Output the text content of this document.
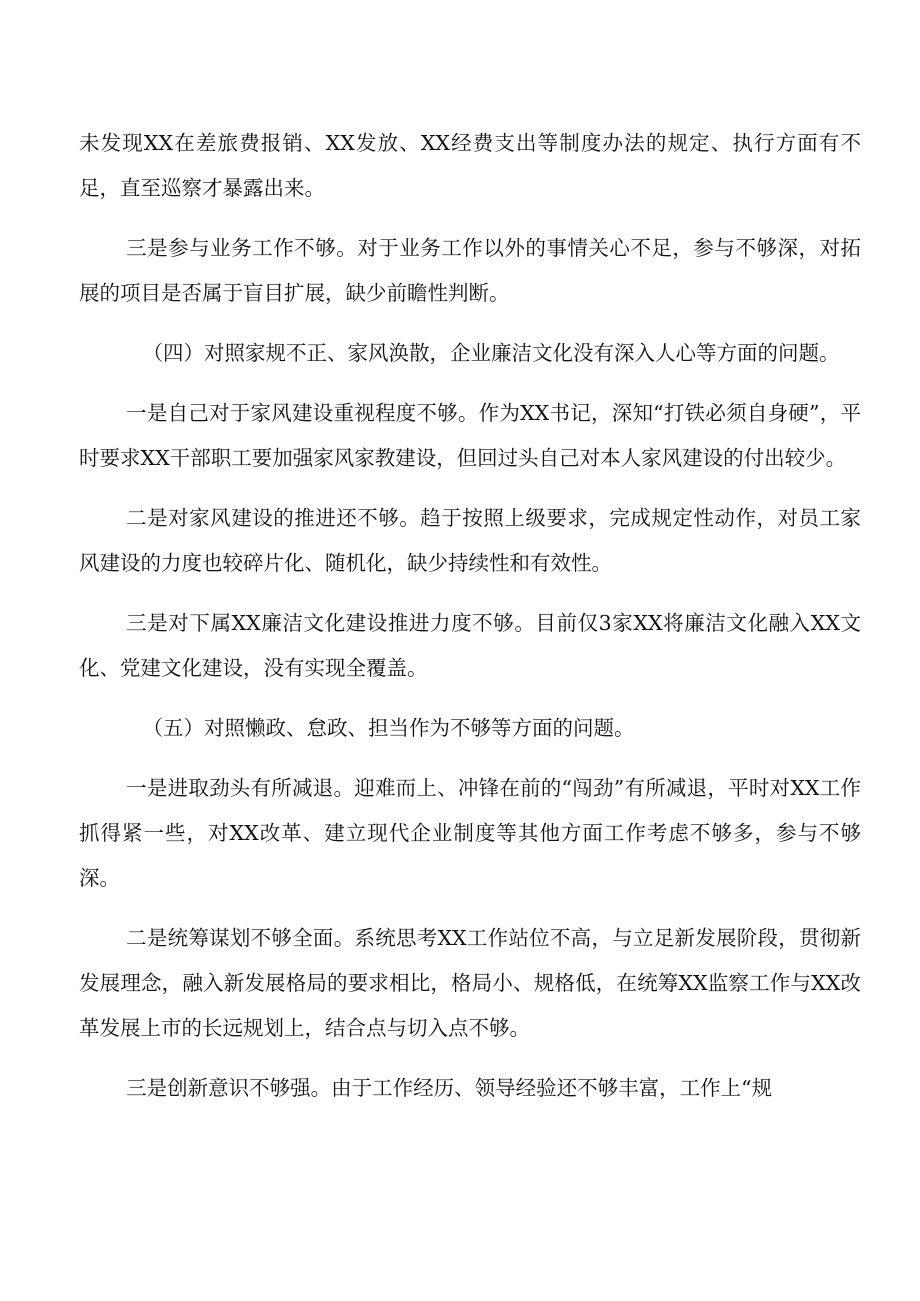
未发现XX在差旅费报销、XX发放、XX经费支出等制度办法的规定、执行方面有不足，直至巡察才暴露出来。

三是参与业务工作不够。对于业务工作以外的事情关心不足，参与不够深，对拓展的项目是否属于盲目扩展，缺少前瞻性判断。

（四）对照家规不正、家风涣散，企业廉洁文化没有深入人心等方面的问题。

一是自己对于家风建设重视程度不够。作为XX书记，深知“打铁必须自身硬”，平时要求XX干部职工要加强家风家教建设，但回过头自己对本人家风建设的付出较少。

二是对家风建设的推进还不够。趋于按照上级要求，完成规定性动作，对员工家风建设的力度也较碎片化、随机化，缺少持续性和有效性。

三是对下属XX廉洁文化建设推进力度不够。目前仅3家XX将廉洁文化融入XX文化、党建文化建设，没有实现全覆盖。

（五）对照懒政、怠政、担当作为不够等方面的问题。

一是进取劲头有所减退。迎难而上、冲锋在前的“闯劲”有所减退，平时对XX工作抓得紧一些，对XX改革、建立现代企业制度等其他方面工作考虑不够多，参与不够深。

二是统筹谋划不够全面。系统思考XX工作站位不高，与立足新发展阶段，贯彻新发展理念，融入新发展格局的要求相比，格局小、规格低，在统筹XX监察工作与XX改革发展上市的长远规划上，结合点与切入点不够。

三是创新意识不够强。由于工作经历、领导经验还不够丰富，工作上“规
